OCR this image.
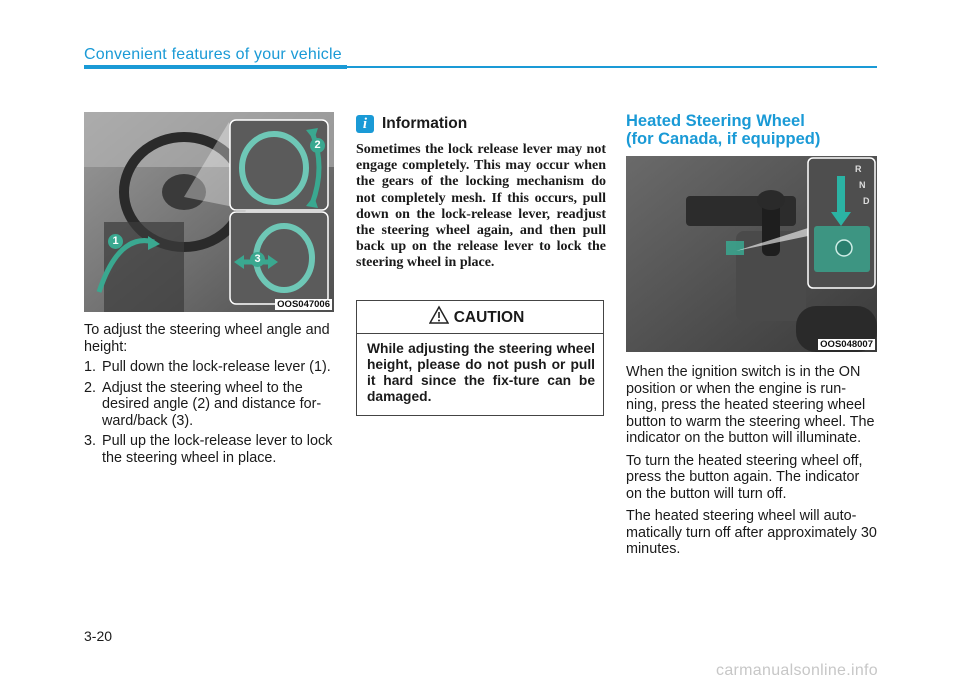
Convenient features of your vehicle
1
2
3
OOS047006

To adjust the steering wheel angle and height:

1. Pull down the lock-release lever (1).
2. Adjust the steering wheel to the desired angle (2) and distance for-ward/back (3).
3. Pull up the lock-release lever to lock the steering wheel in place.
i Information
Sometimes the lock release lever may not engage completely. This may occur when the gears of the locking mechanism do not completely mesh. If this occurs, pull down on the lock-release lever, readjust the steering wheel again, and then pull back up on the release lever to lock the steering wheel in place.
CAUTION
While adjusting the steering wheel height, please do not push or pull it hard since the fix-ture can be damaged.
Heated Steering Wheel
(for Canada, if equipped)
R
N
D
OOS048007

When the ignition switch is in the ON position or when the engine is run-ning, press the heated steering wheel button to warm the steering wheel. The indicator on the button will illuminate.

To turn the heated steering wheel off, press the button again. The indicator on the button will turn off.

The heated steering wheel will auto-matically turn off after approximately 30 minutes.

3-20
carmanualsonline.info
